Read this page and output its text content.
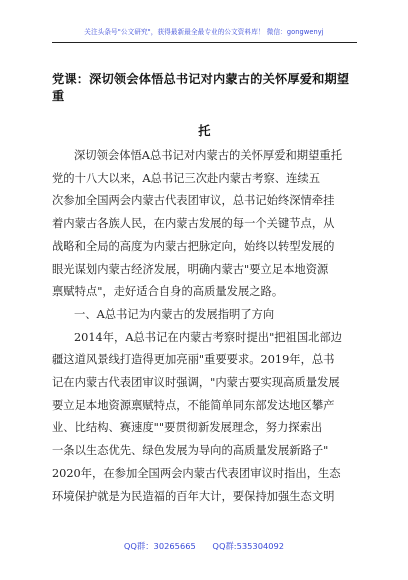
关注头条号"公文研究"，获得最新最全最专业的公文资料库！ 微信：gongwenyj
党课：深切领会体悟总书记对内蒙古的关怀厚爱和期望重
托
深切领会体悟A总书记对内蒙古的关怀厚爱和期望重托
党的十八大以来，A总书记三次赴内蒙古考察、连续五
次参加全国两会内蒙古代表团审议，总书记始终深情牵挂
着内蒙古各族人民，在内蒙古发展的每一个关键节点，从
战略和全局的高度为内蒙古把脉定向，始终以转型发展的
眼光谋划内蒙古经济发展，明确内蒙古"要立足本地资源
禀赋特点"，走好适合自身的高质量发展之路。
一、A总书记为内蒙古的发展指明了方向
2014年，A总书记在内蒙古考察时提出"把祖国北部边
疆这道风景线打造得更加亮丽"重要要求。2019年，总书
记在内蒙古代表团审议时强调，"内蒙古要实现高质量发展
要立足本地资源禀赋特点，不能简单同东部发达地区攀产
业、比结构、赛速度""要贯彻新发展理念，努力探索出
一条以生态优先、绿色发展为导向的高质量发展新路子"
2020年，在参加全国两会内蒙古代表团审议时指出，生态
环境保护就是为民造福的百年大计，要保持加强生态文明
QQ群：30265665 QQ群:535304092
